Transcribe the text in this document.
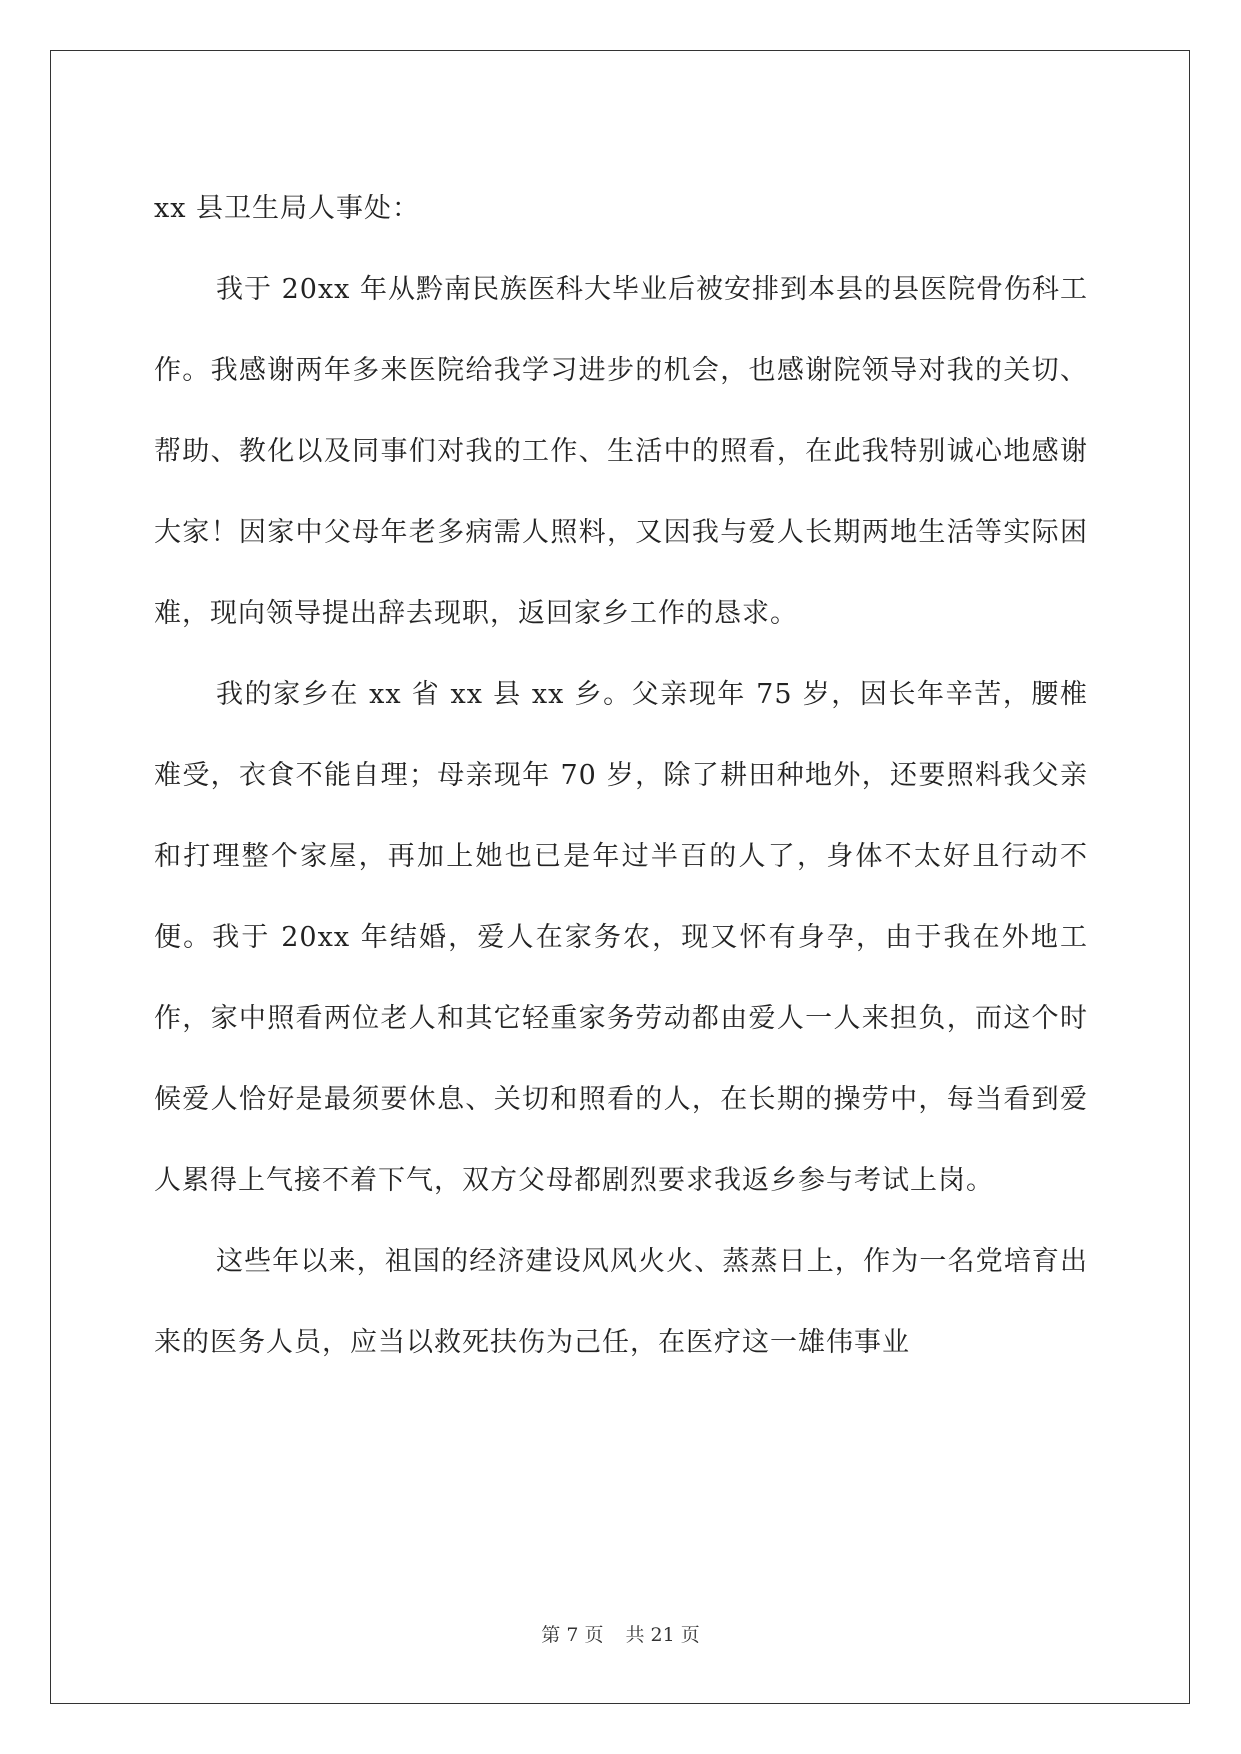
xx 县卫生局人事处：

我于 20xx 年从黔南民族医科大毕业后被安排到本县的县医院骨伤科工作。我感谢两年多来医院给我学习进步的机会，也感谢院领导对我的关切、帮助、教化以及同事们对我的工作、生活中的照看，在此我特别诚心地感谢大家！因家中父母年老多病需人照料，又因我与爱人长期两地生活等实际困难，现向领导提出辞去现职，返回家乡工作的恳求。

我的家乡在 xx 省 xx 县 xx 乡。父亲现年 75 岁，因长年辛苦，腰椎难受，衣食不能自理；母亲现年 70 岁，除了耕田种地外，还要照料我父亲和打理整个家屋，再加上她也已是年过半百的人了，身体不太好且行动不便。我于 20xx 年结婚，爱人在家务农，现又怀有身孕，由于我在外地工作，家中照看两位老人和其它轻重家务劳动都由爱人一人来担负，而这个时候爱人恰好是最须要休息、关切和照看的人，在长期的操劳中，每当看到爱人累得上气接不着下气，双方父母都剧烈要求我返乡参与考试上岗。

这些年以来，祖国的经济建设风风火火、蒸蒸日上，作为一名党培育出来的医务人员，应当以救死扶伤为己任，在医疗这一雄伟事业

第 7 页 共 21 页
